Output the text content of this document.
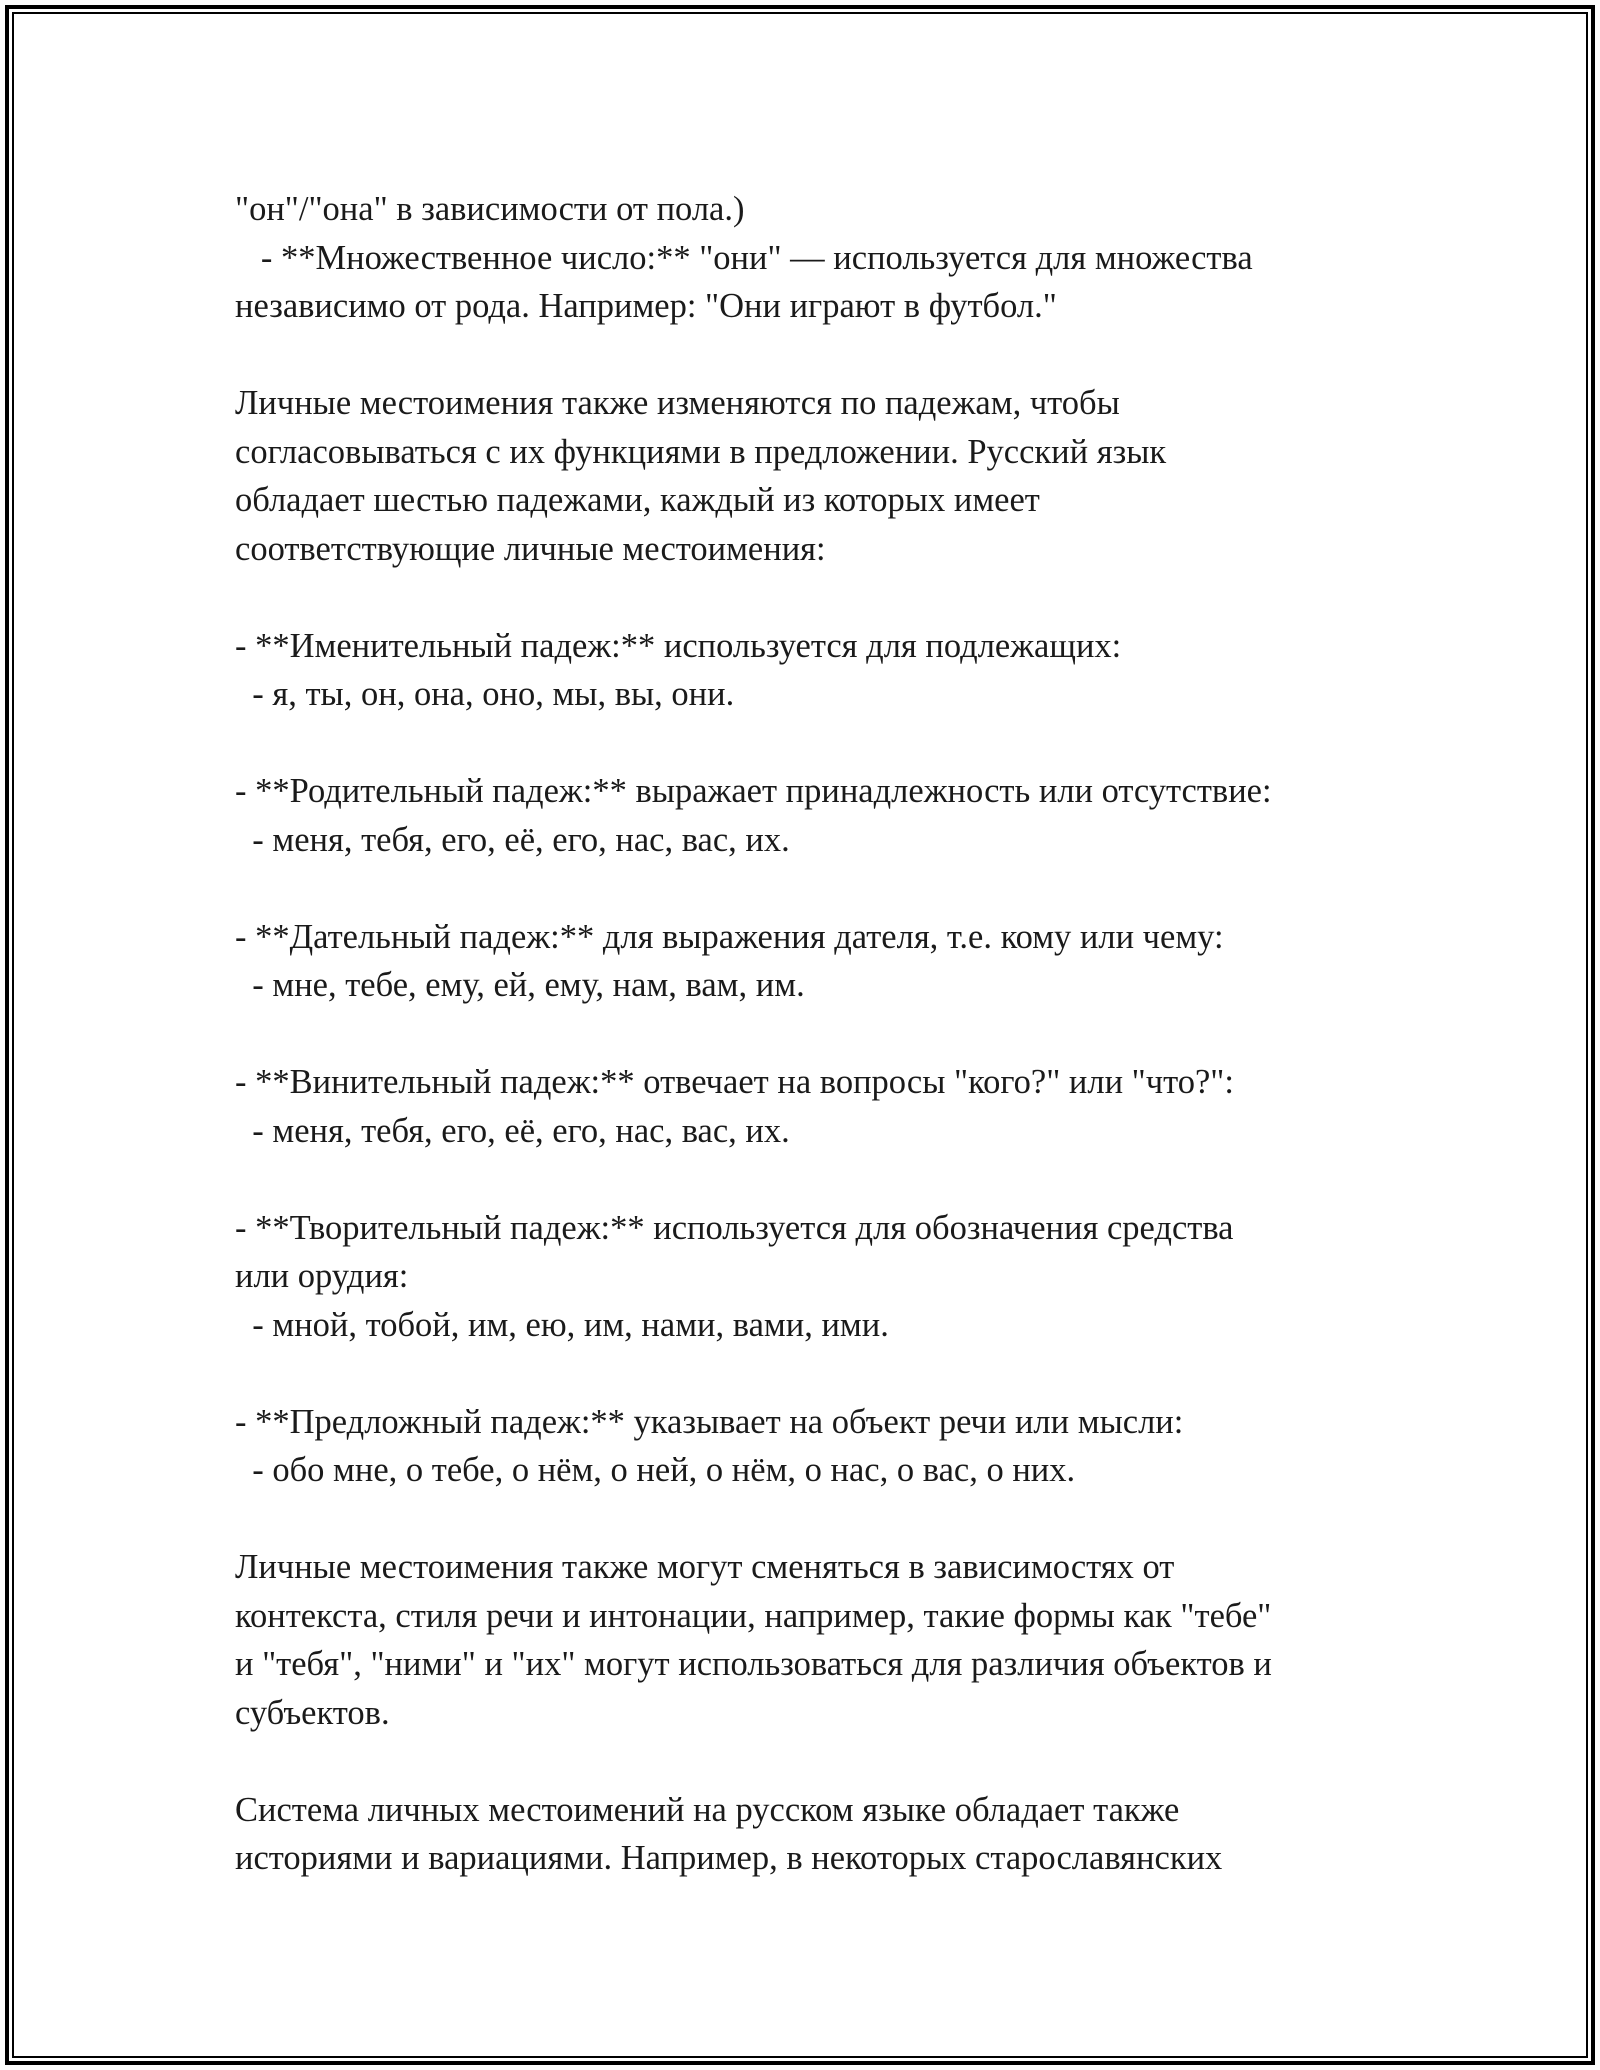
"он"/"она" в зависимости от пола.)
- **Множественное число:** "они" — используется для множества
независимо от рода. Например: "Они играют в футбол."
Личные местоимения также изменяются по падежам, чтобы
согласовываться с их функциями в предложении. Русский язык
обладает шестью падежами, каждый из которых имеет
соответствующие личные местоимения:
- **Именительный падеж:** используется для подлежащих:
- я, ты, он, она, оно, мы, вы, они.
- **Родительный падеж:** выражает принадлежность или отсутствие:
- меня, тебя, его, её, его, нас, вас, их.
- **Дательный падеж:** для выражения дателя, т.е. кому или чему:
- мне, тебе, ему, ей, ему, нам, вам, им.
- **Винительный падеж:** отвечает на вопросы "кого?" или "что?":
- меня, тебя, его, её, его, нас, вас, их.
- **Творительный падеж:** используется для обозначения средства
или орудия:
- мной, тобой, им, ею, им, нами, вами, ими.
- **Предложный падеж:** указывает на объект речи или мысли:
- обо мне, о тебе, о нём, о ней, о нём, о нас, о вас, о них.
Личные местоимения также могут сменяться в зависимостях от
контекста, стиля речи и интонации, например, такие формы как "тебе"
и "тебя", "ними" и "их" могут использоваться для различия объектов и
субъектов.
Система личных местоимений на русском языке обладает также
историями и вариациями. Например, в некоторых старославянских
